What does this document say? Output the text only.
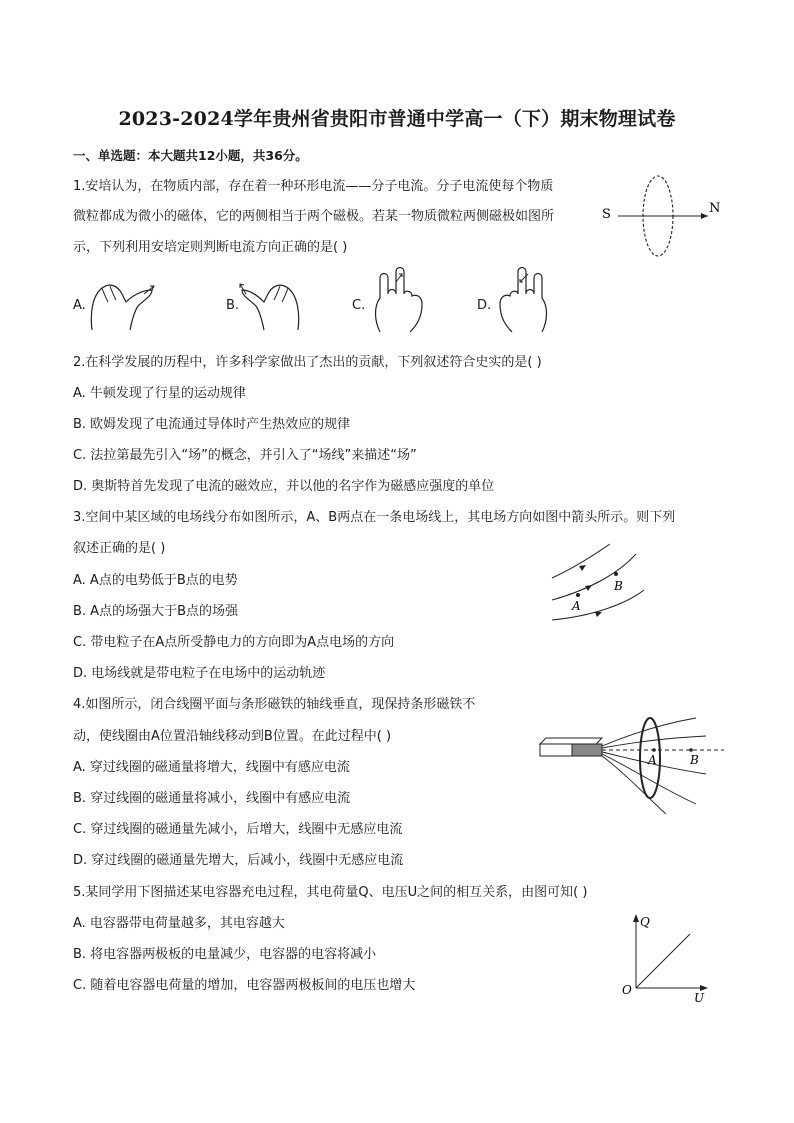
2023-2024学年贵州省贵阳市普通中学高一（下）期末物理试卷
一、单选题：本大题共12小题，共36分。
1.安培认为，在物质内部，存在着一种环形电流——分子电流。分子电流使每个物质
微粒都成为微小的磁体，它的两侧相当于两个磁极。若某一物质微粒两侧磁极如图所
示，下列利用安培定则判断电流方向正确的是( )
S	N
A.	B.	C.	D.
2.在科学发展的历程中，许多科学家做出了杰出的贡献，下列叙述符合史实的是( )
A. 牛顿发现了行星的运动规律
B. 欧姆发现了电流通过导体时产生热效应的规律
C. 法拉第最先引入“场”的概念，并引入了“场线”来描述“场”
D. 奥斯特首先发现了电流的磁效应，并以他的名字作为磁感应强度的单位
3.空间中某区域的电场线分布如图所示，A、B两点在一条电场线上，其电场方向如图中箭头所示。则下列
叙述正确的是( )
A. A点的电势低于B点的电势
B. A点的场强大于B点的场强
C. 带电粒子在A点所受静电力的方向即为A点电场的方向
D. 电场线就是带电粒子在电场中的运动轨迹
A
B
4.如图所示，闭合线圈平面与条形磁铁的轴线垂直，现保持条形磁铁不
动，使线圈由A位置沿轴线移动到B位置。在此过程中( )
A. 穿过线圈的磁通量将增大，线圈中有感应电流
B. 穿过线圈的磁通量将减小，线圈中有感应电流
C. 穿过线圈的磁通量先减小，后增大，线圈中无感应电流
D. 穿过线圈的磁通量先增大，后减小，线圈中无感应电流
A	B
5.某同学用下图描述某电容器充电过程，其电荷量Q、电压U之间的相互关系，由图可知( )
A. 电容器带电荷量越多，其电容越大
B. 将电容器两极板的电量减少，电容器的电容将减小
C. 随着电容器电荷量的增加，电容器两极板间的电压也增大
Q
O
U
